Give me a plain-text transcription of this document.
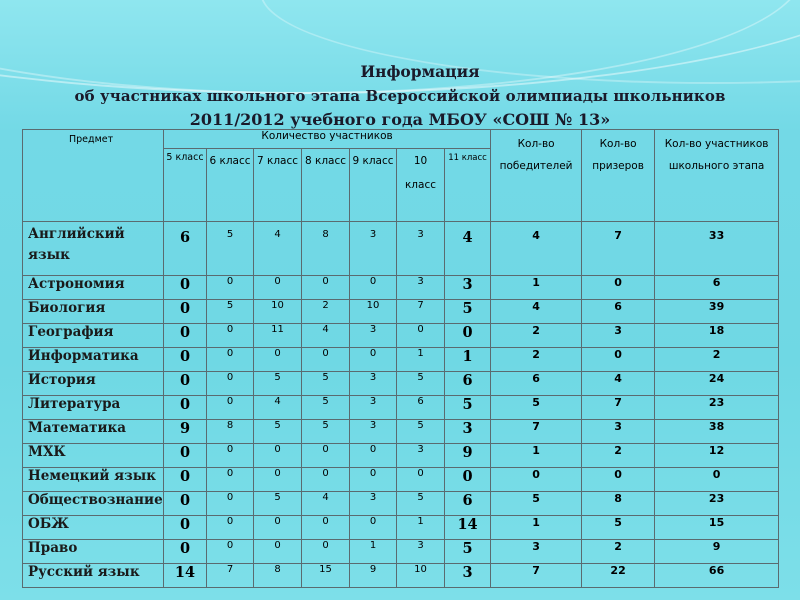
Информация
об участниках школьного этапа Всероссийской олимпиады школьников
2011/2012 учебного года МБОУ «СОШ № 13»
Предмет	Количество участников							Кол-во победителей	Кол-во призеров	Кол-во участников школьного этапа
	5 класс	6 класс	7 класс	8 класс	9 класс	10 класс	11 класс			
Английский язык	6	5	4	8	3	3	4	4	7	33
Астрономия	0	0	0	0	0	3	3	1	0	6
Биология	0	5	10	2	10	7	5	4	6	39
География	0	0	11	4	3	0	0	2	3	18
Информатика	0	0	0	0	0	1	1	2	0	2
История	0	0	5	5	3	5	6	6	4	24
Литература	0	0	4	5	3	6	5	5	7	23
Математика	9	8	5	5	3	5	3	7	3	38
МХК	0	0	0	0	0	3	9	1	2	12
Немецкий язык	0	0	0	0	0	0	0	0	0	0
Обществознание	0	0	5	4	3	5	6	5	8	23
ОБЖ	0	0	0	0	0	1	14	1	5	15
Право	0	0	0	0	1	3	5	3	2	9
Русский язык	14	7	8	15	9	10	3	7	22	66
